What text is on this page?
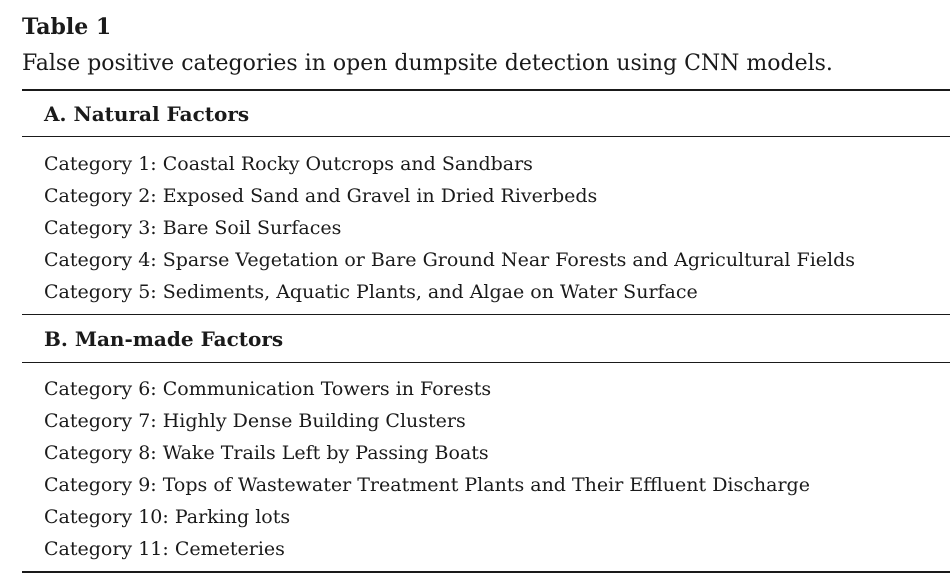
Table 1
False positive categories in open dumpsite detection using CNN models.
A. Natural Factors
Category 1: Coastal Rocky Outcrops and Sandbars
Category 2: Exposed Sand and Gravel in Dried Riverbeds
Category 3: Bare Soil Surfaces
Category 4: Sparse Vegetation or Bare Ground Near Forests and Agricultural Fields
Category 5: Sediments, Aquatic Plants, and Algae on Water Surface
B. Man-made Factors
Category 6: Communication Towers in Forests
Category 7: Highly Dense Building Clusters
Category 8: Wake Trails Left by Passing Boats
Category 9: Tops of Wastewater Treatment Plants and Their Effluent Discharge
Category 10: Parking lots
Category 11: Cemeteries
